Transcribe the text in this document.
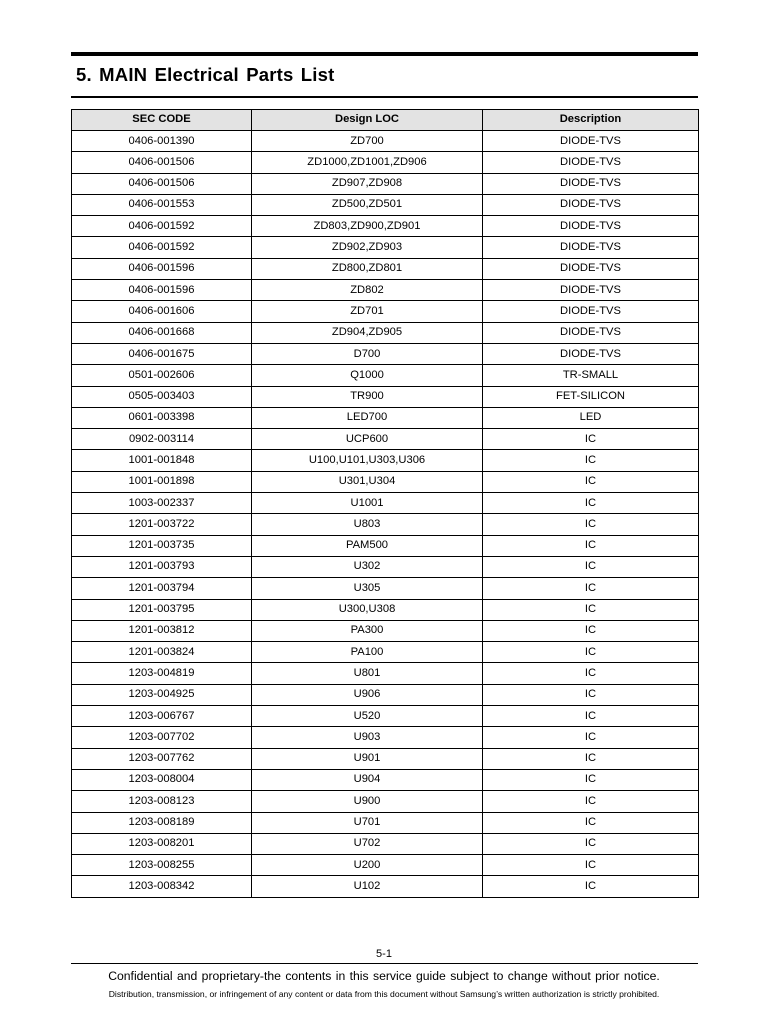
5. MAIN Electrical Parts List
SEC CODE	Design LOC	Description
0406-001390	ZD700	DIODE-TVS
0406-001506	ZD1000,ZD1001,ZD906	DIODE-TVS
0406-001506	ZD907,ZD908	DIODE-TVS
0406-001553	ZD500,ZD501	DIODE-TVS
0406-001592	ZD803,ZD900,ZD901	DIODE-TVS
0406-001592	ZD902,ZD903	DIODE-TVS
0406-001596	ZD800,ZD801	DIODE-TVS
0406-001596	ZD802	DIODE-TVS
0406-001606	ZD701	DIODE-TVS
0406-001668	ZD904,ZD905	DIODE-TVS
0406-001675	D700	DIODE-TVS
0501-002606	Q1000	TR-SMALL
0505-003403	TR900	FET-SILICON
0601-003398	LED700	LED
0902-003114	UCP600	IC
1001-001848	U100,U101,U303,U306	IC
1001-001898	U301,U304	IC
1003-002337	U1001	IC
1201-003722	U803	IC
1201-003735	PAM500	IC
1201-003793	U302	IC
1201-003794	U305	IC
1201-003795	U300,U308	IC
1201-003812	PA300	IC
1201-003824	PA100	IC
1203-004819	U801	IC
1203-004925	U906	IC
1203-006767	U520	IC
1203-007702	U903	IC
1203-007762	U901	IC
1203-008004	U904	IC
1203-008123	U900	IC
1203-008189	U701	IC
1203-008201	U702	IC
1203-008255	U200	IC
1203-008342	U102	IC
5-1
Confidential and proprietary-the contents in this service guide subject to change without prior notice.
Distribution, transmission, or infringement of any content or data from this document without Samsung’s written authorization is strictly prohibited.
